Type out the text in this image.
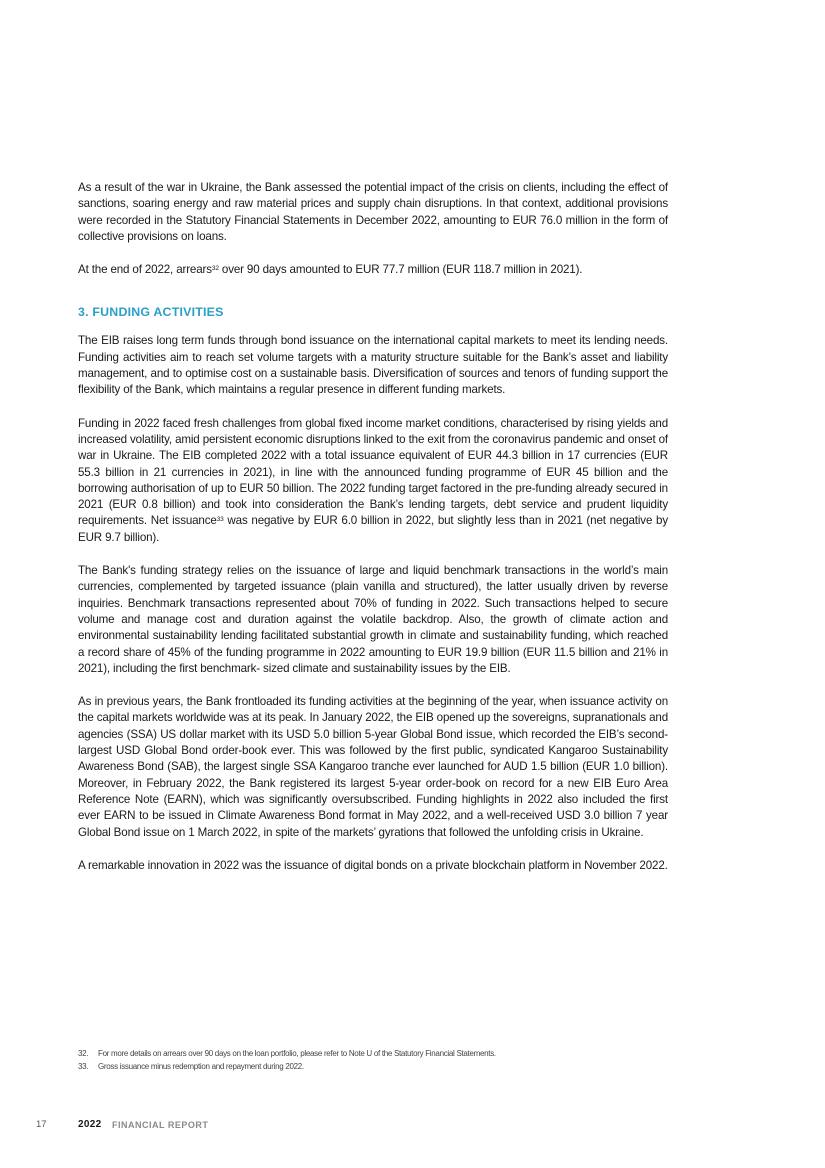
As a result of the war in Ukraine, the Bank assessed the potential impact of the crisis on clients, including the effect of sanctions, soaring energy and raw material prices and supply chain disruptions. In that context, additional provisions were recorded in the Statutory Financial Statements in December 2022, amounting to EUR 76.0 million in the form of collective provisions on loans.

At the end of 2022, arrears$^{32}$ over 90 days amounted to EUR 77.7 million (EUR 118.7 million in 2021).

3. FUNDING ACTIVITIES

The EIB raises long term funds through bond issuance on the international capital markets to meet its lending needs. Funding activities aim to reach set volume targets with a maturity structure suitable for the Bank’s asset and liability management, and to optimise cost on a sustainable basis. Diversification of sources and tenors of funding support the flexibility of the Bank, which maintains a regular presence in different funding markets.

Funding in 2022 faced fresh challenges from global fixed income market conditions, characterised by rising yields and increased volatility, amid persistent economic disruptions linked to the exit from the coronavirus pandemic and onset of war in Ukraine. The EIB completed 2022 with a total issuance equivalent of EUR 44.3 billion in 17 currencies (EUR 55.3 billion in 21 currencies in 2021), in line with the announced funding programme of EUR 45 billion and the borrowing authorisation of up to EUR 50 billion. The 2022 funding target factored in the pre-funding already secured in 2021 (EUR 0.8 billion) and took into consideration the Bank’s lending targets, debt service and prudent liquidity requirements. Net issuance$^{33}$ was negative by EUR 6.0 billion in 2022, but slightly less than in 2021 (net negative by EUR 9.7 billion).

The Bank's funding strategy relies on the issuance of large and liquid benchmark transactions in the world’s main currencies, complemented by targeted issuance (plain vanilla and structured), the latter usually driven by reverse inquiries. Benchmark transactions represented about 70% of funding in 2022. Such transactions helped to secure volume and manage cost and duration against the volatile backdrop. Also, the growth of climate action and environmental sustainability lending facilitated substantial growth in climate and sustainability funding, which reached a record share of 45% of the funding programme in 2022 amounting to EUR 19.9 billion (EUR 11.5 billion and 21% in 2021), including the first benchmark- sized climate and sustainability issues by the EIB.

As in previous years, the Bank frontloaded its funding activities at the beginning of the year, when issuance activity on the capital markets worldwide was at its peak. In January 2022, the EIB opened up the sovereigns, supranationals and agencies (SSA) US dollar market with its USD 5.0 billion 5-year Global Bond issue, which recorded the EIB’s second-largest USD Global Bond order-book ever. This was followed by the first public, syndicated Kangaroo Sustainability Awareness Bond (SAB), the largest single SSA Kangaroo tranche ever launched for AUD 1.5 billion (EUR 1.0 billion). Moreover, in February 2022, the Bank registered its largest 5-year order-book on record for a new EIB Euro Area Reference Note (EARN), which was significantly oversubscribed. Funding highlights in 2022 also included the first ever EARN to be issued in Climate Awareness Bond format in May 2022, and a well-received USD 3.0 billion 7 year Global Bond issue on 1 March 2022, in spite of the markets’ gyrations that followed the unfolding crisis in Ukraine.

A remarkable innovation in 2022 was the issuance of digital bonds on a private blockchain platform in November 2022.

32.	For more details on arrears over 90 days on the loan portfolio, please refer to Note U of the Statutory Financial Statements.
33.	Gross issuance minus redemption and repayment during 2022.
17	2022 FINANCIAL REPORT
